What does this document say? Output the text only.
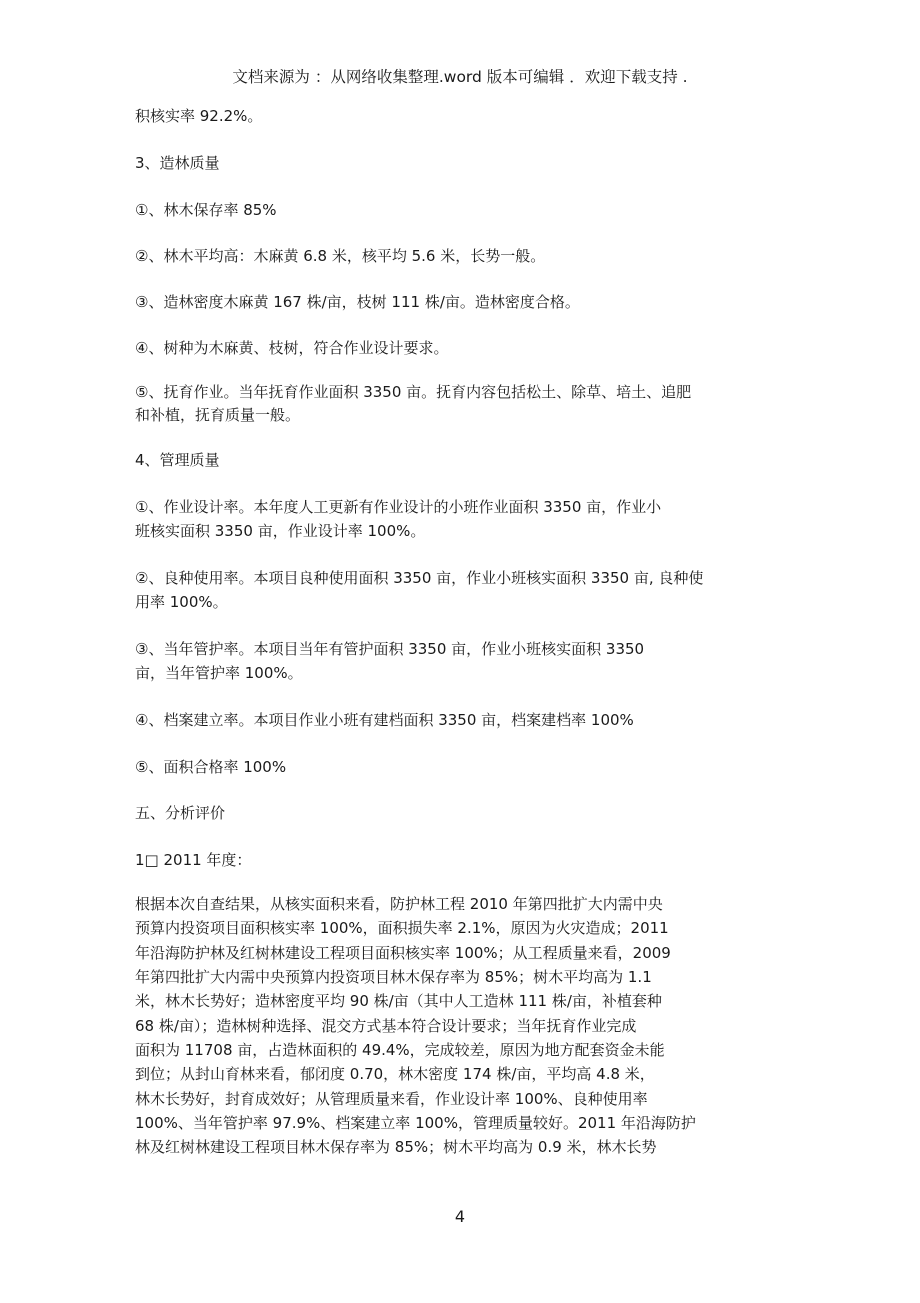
文档来源为 ：从网络收集整理.word 版本可编辑 ．欢迎下载支持 .
积核实率 92.2%。
3、造林质量
①、林木保存率 85%
②、林木平均高：木麻黄 6.8 米，核平均 5.6 米，长势一般。
③、造林密度木麻黄 167 株/亩，枝树 111 株/亩。造林密度合格。
④、树种为木麻黄、枝树，符合作业设计要求。
⑤、抚育作业。当年抚育作业面积 3350 亩。抚育内容包括松土、除草、培土、追肥
和补植，抚育质量一般。
4、管理质量
①、作业设计率。本年度人工更新有作业设计的小班作业面积 3350 亩，作业小
班核实面积 3350 亩，作业设计率 100%。
②、良种使用率。本项目良种使用面积 3350 亩，作业小班核实面积 3350 亩, 良种使
用率 100%。
③、当年管护率。本项目当年有管护面积 3350 亩，作业小班核实面积 3350
亩，当年管护率 100%。
④、档案建立率。本项目作业小班有建档面积 3350 亩，档案建档率 100%
⑤、面积合格率 100%
五、分析评价
1□ 2011 年度：
根据本次自查结果，从核实面积来看，防护林工程 2010 年第四批扩大内需中央
预算内投资项目面积核实率 100%，面积损失率 2.1%，原因为火灾造成；2011
年沿海防护林及红树林建设工程项目面积核实率 100%；从工程质量来看，2009
年第四批扩大内需中央预算内投资项目林木保存率为 85%；树木平均高为 1.1
米，林木长势好；造林密度平均 90 株/亩（其中人工造林 111 株/亩，补植套种
68 株/亩）；造林树种选择、混交方式基本符合设计要求；当年抚育作业完成
面积为 11708 亩，占造林面积的 49.4%，完成较差，原因为地方配套资金未能
到位；从封山育林来看，郁闭度 0.70，林木密度 174 株/亩，平均高 4.8 米，
林木长势好，封育成效好；从管理质量来看，作业设计率 100%、良种使用率
100%、当年管护率 97.9%、档案建立率 100%，管理质量较好。2011 年沿海防护
林及红树林建设工程项目林木保存率为 85%；树木平均高为 0.9 米，林木长势
4
